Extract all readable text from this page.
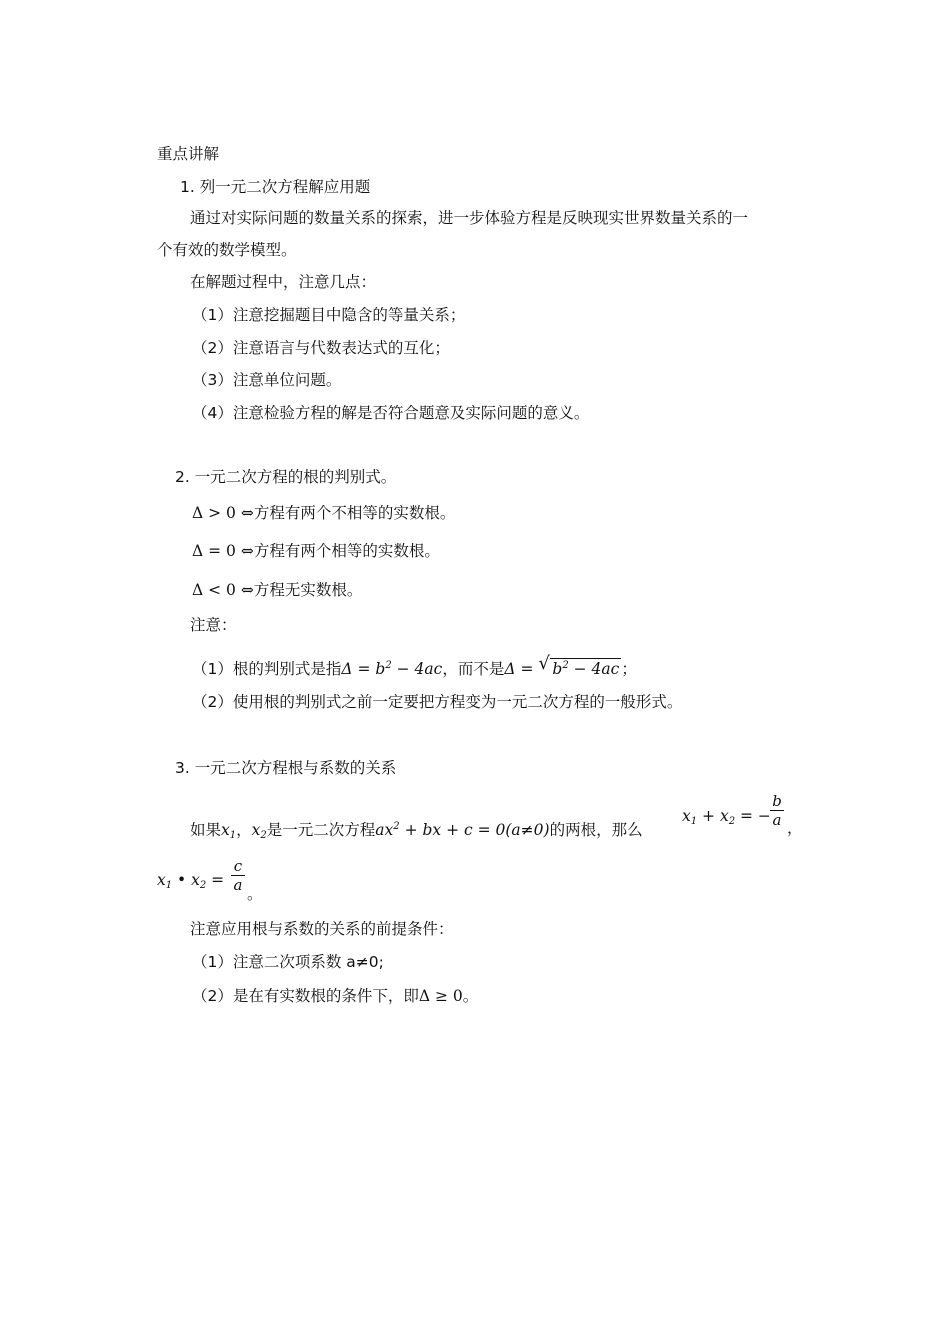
重点讲解
1. 列一元二次方程解应用题
通过对实际问题的数量关系的探索，进一步体验方程是反映现实世界数量关系的一
个有效的数学模型。
在解题过程中，注意几点：
（1）注意挖掘题目中隐含的等量关系；
（2）注意语言与代数表达式的互化；
（3）注意单位问题。
（4）注意检验方程的解是否符合题意及实际问题的意义。
2. 一元二次方程的根的判别式。
Δ > 0 ⇔方程有两个不相等的实数根。
Δ = 0 ⇔方程有两个相等的实数根。
Δ < 0 ⇔方程无实数根。
注意：
（1）根的判别式是指$\Delta = b^2 - 4ac$，而不是Δ = √ $b^2 - 4ac$ ；
（2）使用根的判别式之前一定要把方程变为一元二次方程的一般形式。
3. 一元二次方程根与系数的关系
如果$x_1$，$x_2$是一元二次方程$ax^2$ + bx + c = 0(a≠0)的两根，那么
$x_1 + x_2$ = −
b
a ，
$x_1$ • $x_2$ =
c
a 。
注意应用根与系数的关系的前提条件：
（1）注意二次项系数 a≠0;
（2）是在有实数根的条件下，即Δ ≥ 0。
